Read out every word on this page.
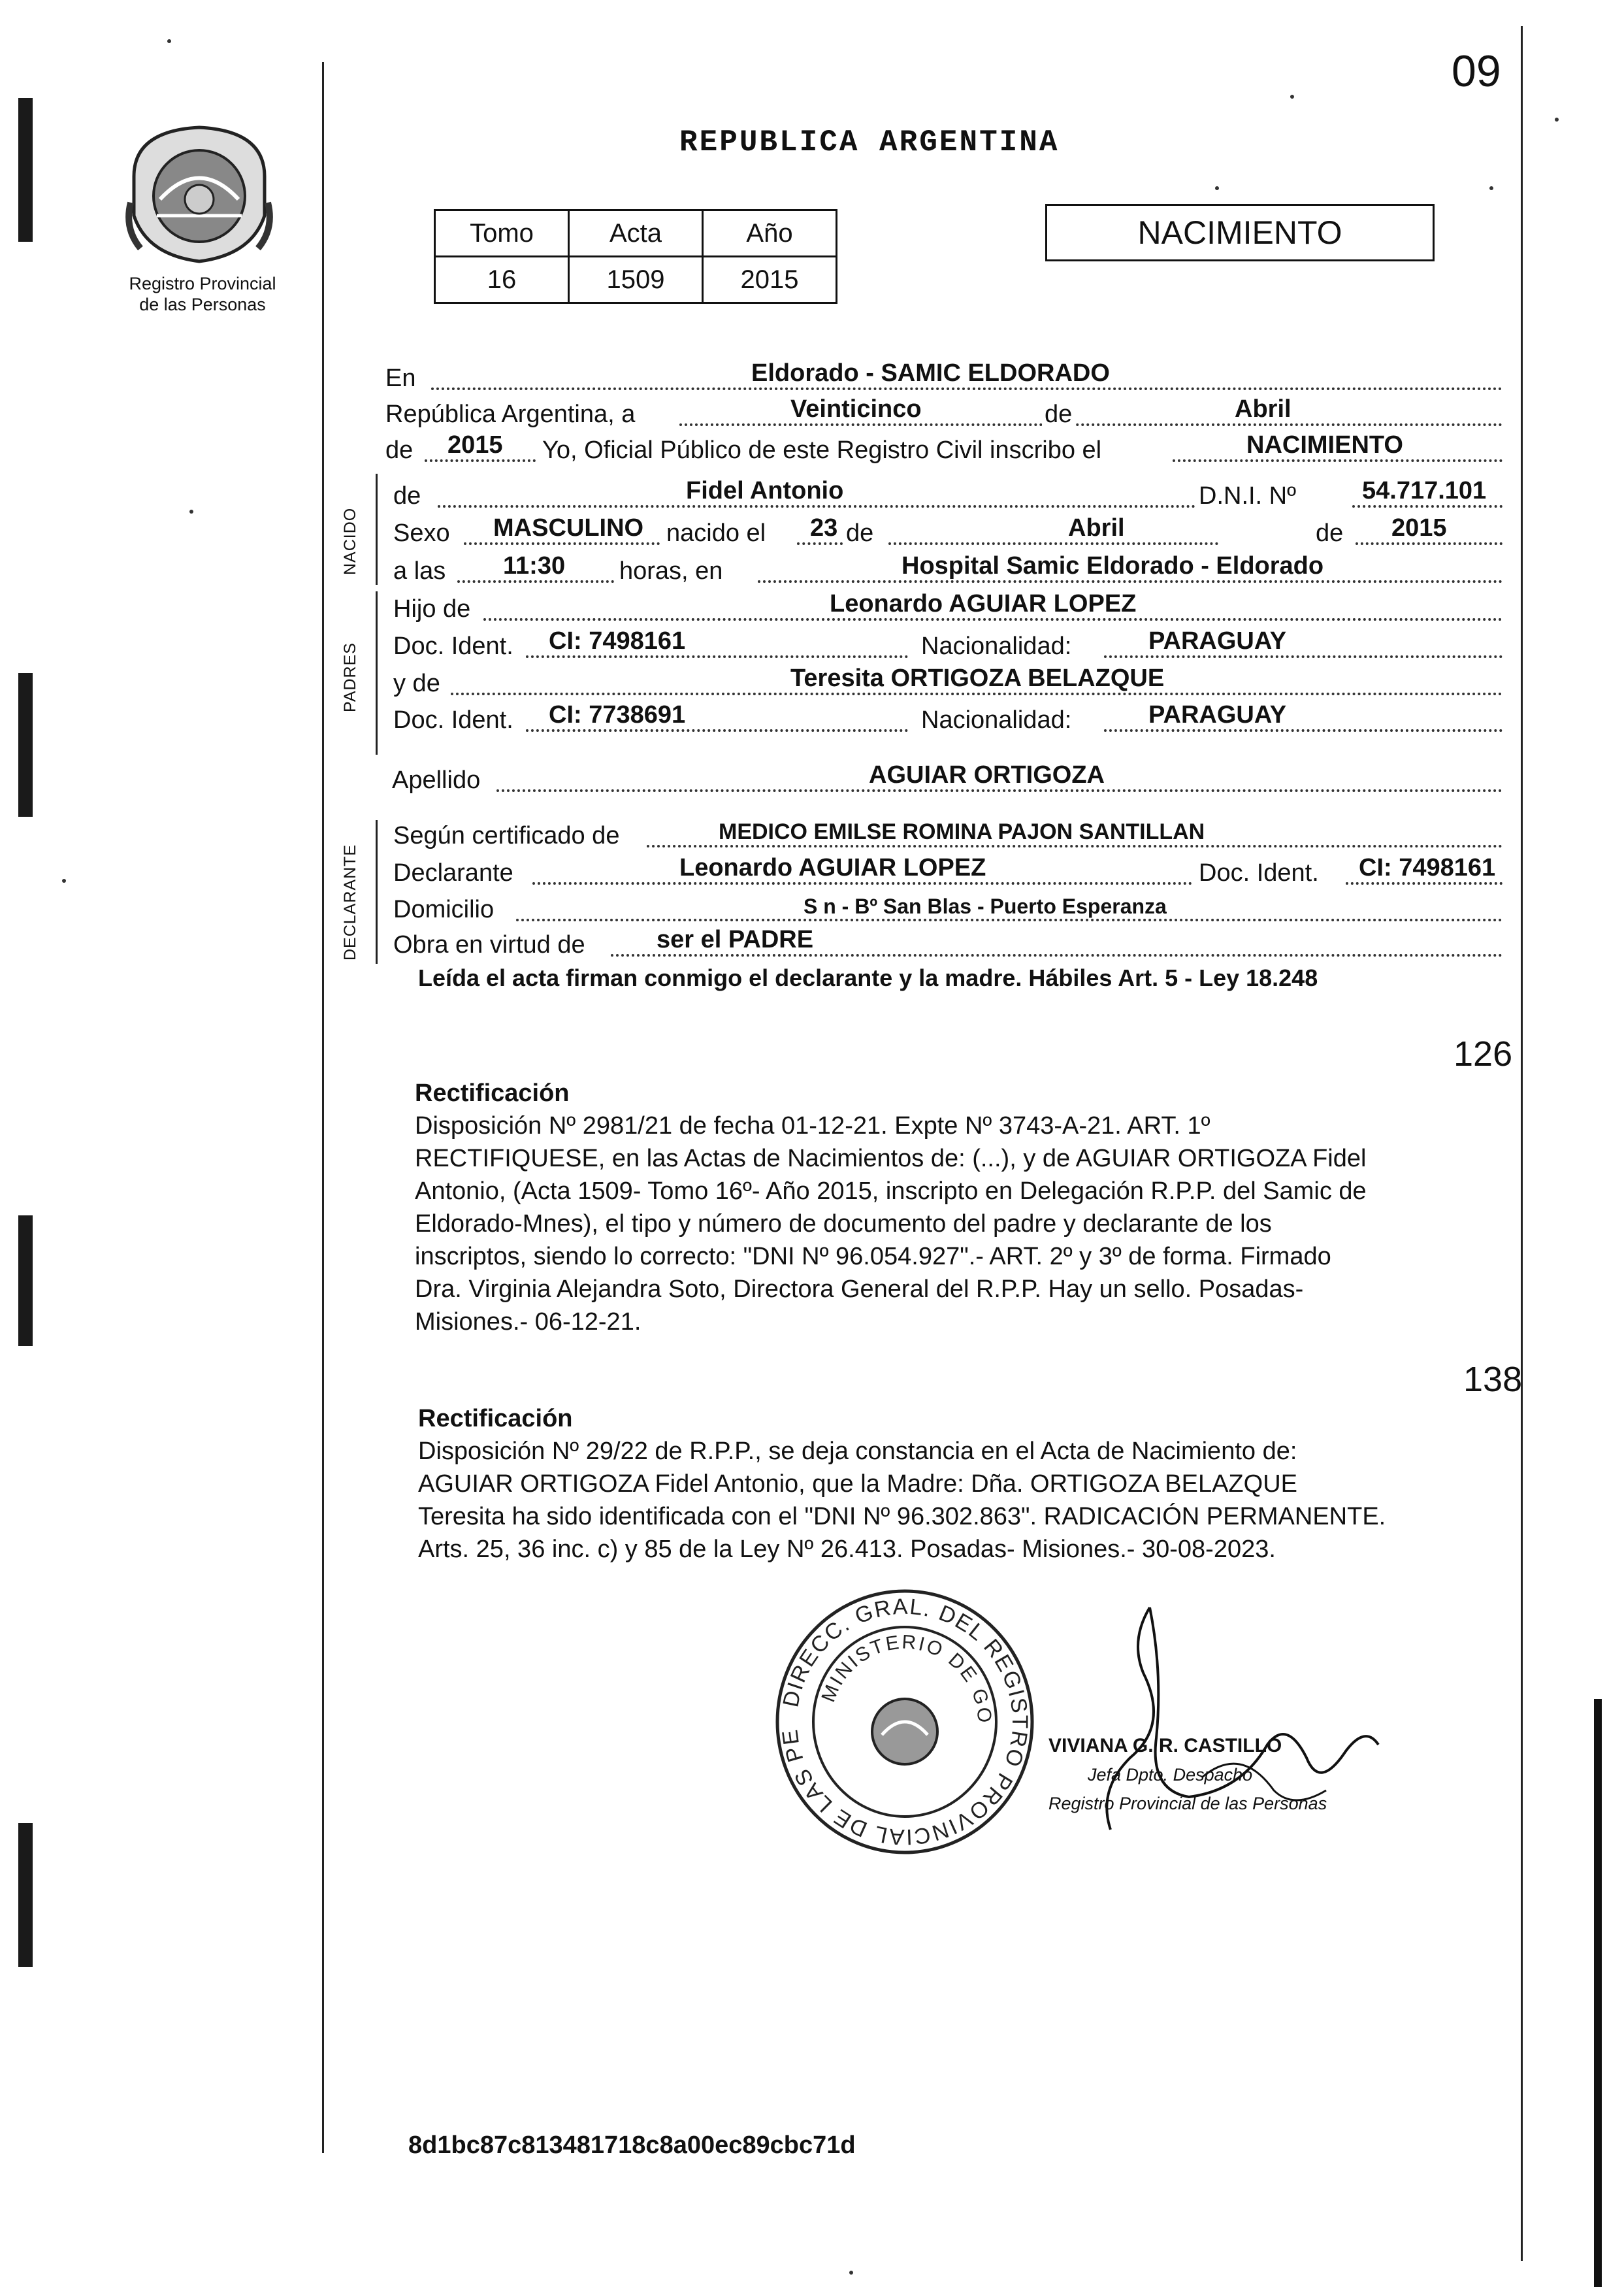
09
Registro Provincial
de las Personas
REPUBLICA ARGENTINA
Tomo	Acta	Año
16	1509	2015
NACIMIENTO
En	Eldorado - SAMIC ELDORADO
República Argentina, a	Veinticinco	de	Abril
de 2015 Yo, Oficial Público de este Registro Civil inscribo el	NACIMIENTO
NACIDO
de	Fidel Antonio	D.N.I. Nº	54.717.101
Sexo MASCULINO nacido el 23 de	Abril	de 2015
a las 11:30 horas, en	Hospital Samic Eldorado - Eldorado
PADRES
Hijo de	Leonardo AGUIAR LOPEZ
Doc. Ident. CI: 7498161	Nacionalidad:	PARAGUAY
y de	Teresita ORTIGOZA BELAZQUE
Doc. Ident. CI: 7738691	Nacionalidad:	PARAGUAY
Apellido	AGUIAR ORTIGOZA
DECLARANTE
Según certificado de	MEDICO EMILSE ROMINA PAJON SANTILLAN
Declarante	Leonardo AGUIAR LOPEZ	Doc. Ident. CI: 7498161
Domicilio	S n - Bº San Blas - Puerto Esperanza
Obra en virtud de	ser el PADRE
Leída el acta firman conmigo el declarante y la madre. Hábiles Art. 5 - Ley 18.248
126
Rectificación
Disposición Nº 2981/21 de fecha 01-12-21. Expte Nº 3743-A-21. ART. 1º
RECTIFIQUESE, en las Actas de Nacimientos de: (...), y de AGUIAR ORTIGOZA Fidel
Antonio, (Acta 1509- Tomo 16º- Año 2015, inscripto en Delegación R.P.P. del Samic de
Eldorado-Mnes), el tipo y número de documento del padre y declarante de los
inscriptos, siendo lo correcto: "DNI Nº 96.054.927".- ART. 2º y 3º de forma. Firmado
Dra. Virginia Alejandra Soto, Directora General del R.P.P. Hay un sello. Posadas-
Misiones.- 06-12-21.
138
Rectificación
Disposición Nº 29/22 de R.P.P., se deja constancia en el Acta de Nacimiento de:
AGUIAR ORTIGOZA Fidel Antonio, que la Madre: Dña. ORTIGOZA BELAZQUE
Teresita ha sido identificada con el "DNI Nº 96.302.863". RADICACIÓN PERMANENTE.
Arts. 25, 36 inc. c) y 85 de la Ley Nº 26.413. Posadas- Misiones.- 30-08-2023.
DIRECC. GRAL. DEL REGISTRO PROVINCIAL DE LAS PE
MINISTERIO DE GO
VIVIANA G. R. CASTILLO
Jefa Dpto. Despacho
Registro Provincial de las Personas
8d1bc87c813481718c8a00ec89cbc71d
